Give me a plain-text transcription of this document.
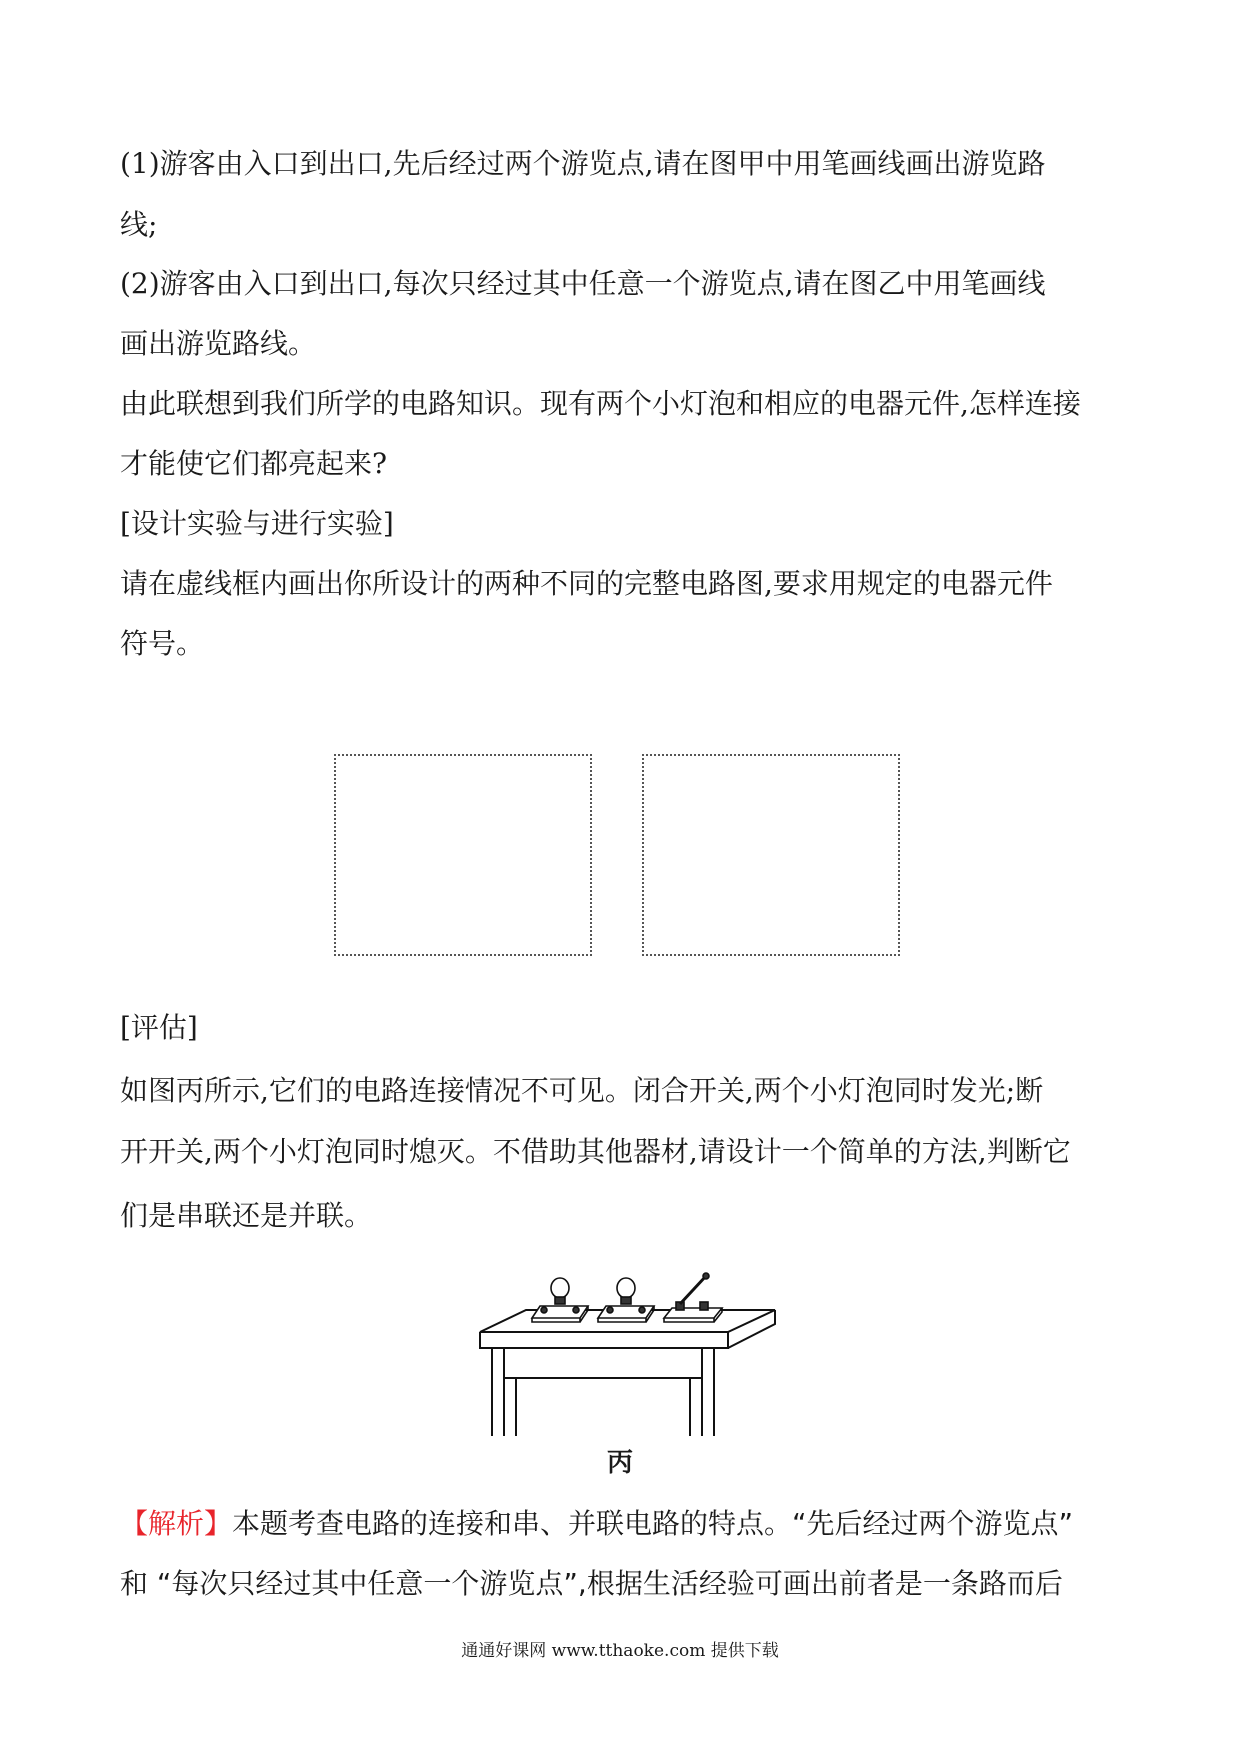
(1)游客由入口到出口,先后经过两个游览点,请在图甲中用笔画线画出游览路
线;
(2)游客由入口到出口,每次只经过其中任意一个游览点,请在图乙中用笔画线
画出游览路线。
由此联想到我们所学的电路知识。现有两个小灯泡和相应的电器元件,怎样连接
才能使它们都亮起来?
[设计实验与进行实验]
请在虚线框内画出你所设计的两种不同的完整电路图,要求用规定的电器元件
符号。
[评估]
如图丙所示,它们的电路连接情况不可见。闭合开关,两个小灯泡同时发光;断
开开关,两个小灯泡同时熄灭。不借助其他器材,请设计一个简单的方法,判断它
们是串联还是并联。
丙
【解析】本题考查电路的连接和串、并联电路的特点。“先后经过两个游览点”
和 “每次只经过其中任意一个游览点”,根据生活经验可画出前者是一条路而后
通通好课网 www.tthaoke.com 提供下载
